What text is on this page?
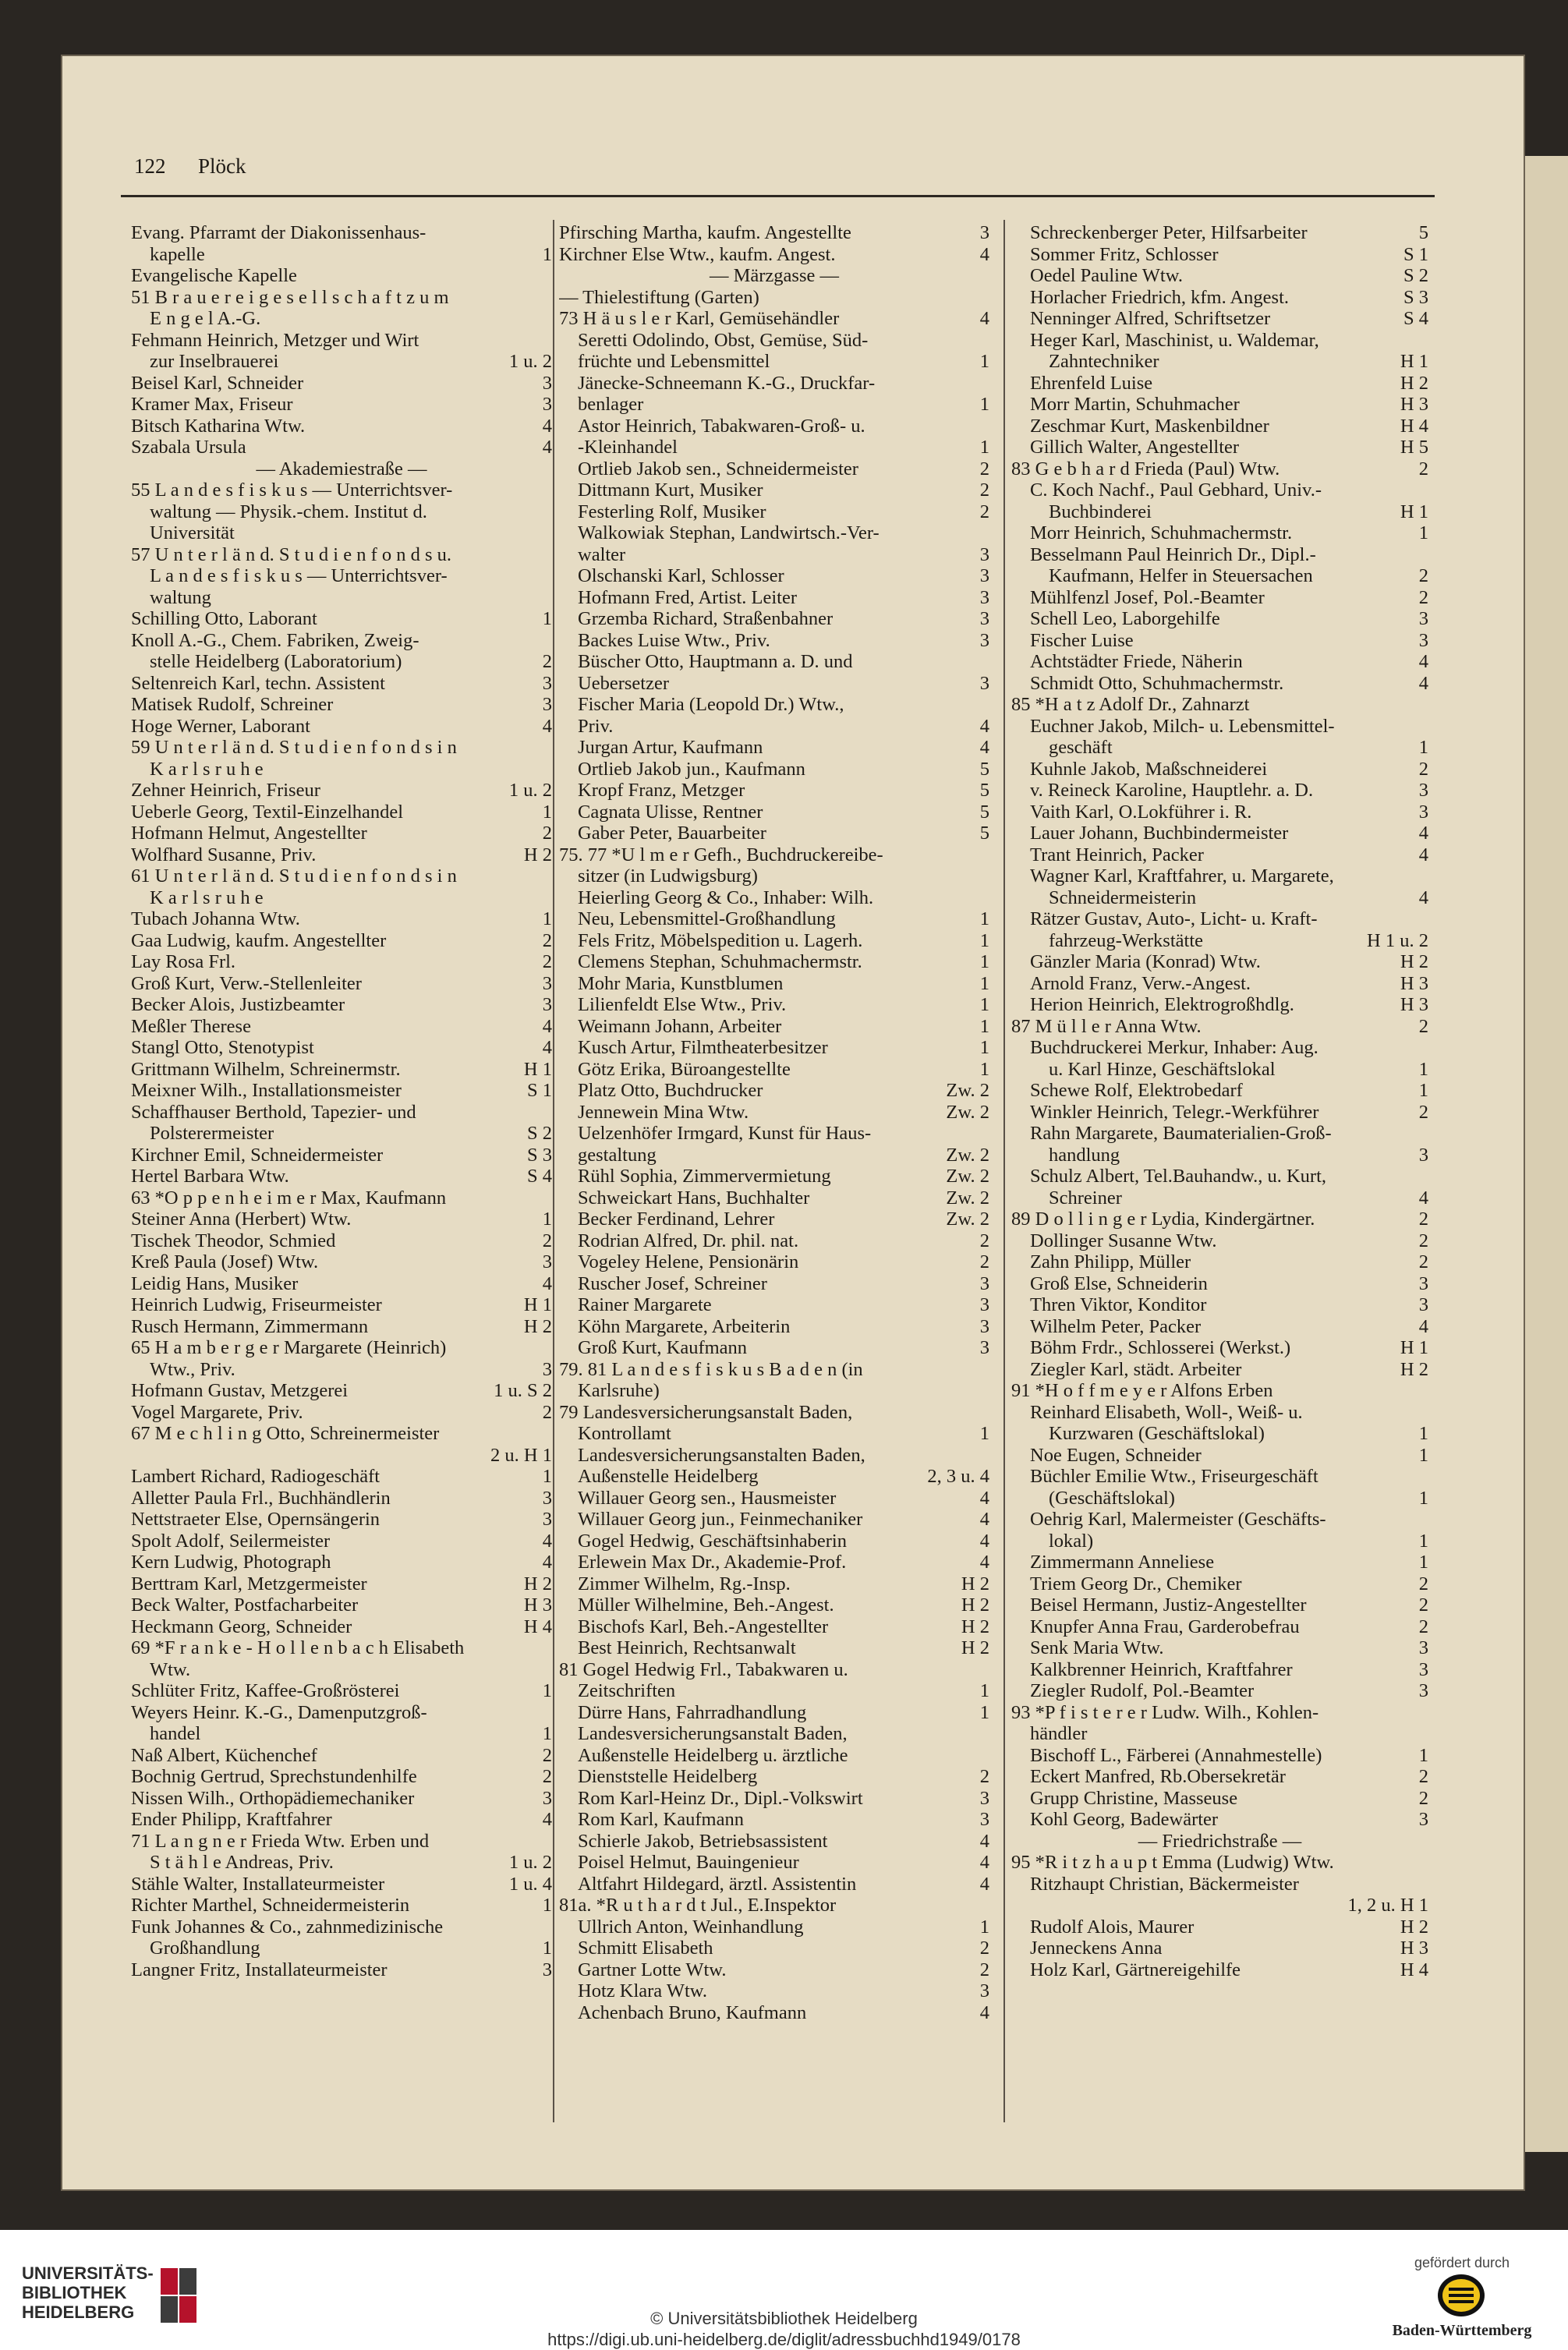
122 Plöck
Evang. Pfarramt der Diakonissenhaus-
kapelle	1
Evangelische Kapelle
51 B r a u e r e i g e s e l l s c h a f t z u m
E n g e l A.-G.
Fehmann Heinrich, Metzger und Wirt
zur Inselbrauerei	1 u. 2
Beisel Karl, Schneider	3
Kramer Max, Friseur	3
Bitsch Katharina Wtw.	4
Szabala Ursula	4
— Akademiestraße —
55 L a n d e s f i s k u s — Unterrichtsver-
waltung — Physik.-chem. Institut d.
Universität
57 U n t e r l ä n d. S t u d i e n f o n d s u.
L a n d e s f i s k u s — Unterrichtsver-
waltung
Schilling Otto, Laborant	1
Knoll A.-G., Chem. Fabriken, Zweig-
stelle Heidelberg (Laboratorium)	2
Seltenreich Karl, techn. Assistent	3
Matisek Rudolf, Schreiner	3
Hoge Werner, Laborant	4
59 U n t e r l ä n d. S t u d i e n f o n d s i n
K a r l s r u h e
Zehner Heinrich, Friseur	1 u. 2
Ueberle Georg, Textil-Einzelhandel	1
Hofmann Helmut, Angestellter	2
Wolfhard Susanne, Priv.	H 2
61 U n t e r l ä n d. S t u d i e n f o n d s i n
K a r l s r u h e
Tubach Johanna Wtw.	1
Gaa Ludwig, kaufm. Angestellter	2
Lay Rosa Frl.	2
Groß Kurt, Verw.-Stellenleiter	3
Becker Alois, Justizbeamter	3
Meßler Therese	4
Stangl Otto, Stenotypist	4
Grittmann Wilhelm, Schreinermstr.	H 1
Meixner Wilh., Installationsmeister	S 1
Schaffhauser Berthold, Tapezier- und
Polsterermeister	S 2
Kirchner Emil, Schneidermeister	S 3
Hertel Barbara Wtw.	S 4
63 *O p p e n h e i m e r Max, Kaufmann
Steiner Anna (Herbert) Wtw.	1
Tischek Theodor, Schmied	2
Kreß Paula (Josef) Wtw.	3
Leidig Hans, Musiker	4
Heinrich Ludwig, Friseurmeister	H 1
Rusch Hermann, Zimmermann	H 2
65 H a m b e r g e r Margarete (Heinrich)
Wtw., Priv.	3
Hofmann Gustav, Metzgerei	1 u. S 2
Vogel Margarete, Priv.	2
67 M e c h l i n g Otto, Schreinermeister
2 u. H 1
Lambert Richard, Radiogeschäft	1
Alletter Paula Frl., Buchhändlerin	3
Nettstraeter Else, Opernsängerin	3
Spolt Adolf, Seilermeister	4
Kern Ludwig, Photograph	4
Berttram Karl, Metzgermeister	H 2
Beck Walter, Postfacharbeiter	H 3
Heckmann Georg, Schneider	H 4
69 *F r a n k e - H o l l e n b a c h Elisabeth
Wtw.
Schlüter Fritz, Kaffee-Großrösterei	1
Weyers Heinr. K.-G., Damenputzgroß-
handel	1
Naß Albert, Küchenchef	2
Bochnig Gertrud, Sprechstundenhilfe	2
Nissen Wilh., Orthopädiemechaniker	3
Ender Philipp, Kraftfahrer	4
71 L a n g n e r Frieda Wtw. Erben und
S t ä h l e Andreas, Priv.	1 u. 2
Stähle Walter, Installateurmeister	1 u. 4
Richter Marthel, Schneidermeisterin	1
Funk Johannes & Co., zahnmedizinische
Großhandlung	1
Langner Fritz, Installateurmeister	3
Pfirsching Martha, kaufm. Angestellte	3
Kirchner Else Wtw., kaufm. Angest.	4
— Märzgasse —
— Thielestiftung (Garten)
73 H ä u s l e r Karl, Gemüsehändler	4
Seretti Odolindo, Obst, Gemüse, Süd-
früchte und Lebensmittel	1
Jänecke-Schneemann K.-G., Druckfar-
benlager	1
Astor Heinrich, Tabakwaren-Groß- u.
-Kleinhandel	1
Ortlieb Jakob sen., Schneidermeister	2
Dittmann Kurt, Musiker	2
Festerling Rolf, Musiker	2
Walkowiak Stephan, Landwirtsch.-Ver-
walter	3
Olschanski Karl, Schlosser	3
Hofmann Fred, Artist. Leiter	3
Grzemba Richard, Straßenbahner	3
Backes Luise Wtw., Priv.	3
Büscher Otto, Hauptmann a. D. und
Uebersetzer	3
Fischer Maria (Leopold Dr.) Wtw.,
Priv.	4
Jurgan Artur, Kaufmann	4
Ortlieb Jakob jun., Kaufmann	5
Kropf Franz, Metzger	5
Cagnata Ulisse, Rentner	5
Gaber Peter, Bauarbeiter	5
75. 77 *U l m e r Gefh., Buchdruckereibe-
sitzer (in Ludwigsburg)
Heierling Georg & Co., Inhaber: Wilh.
Neu, Lebensmittel-Großhandlung	1
Fels Fritz, Möbelspedition u. Lagerh.	1
Clemens Stephan, Schuhmachermstr.	1
Mohr Maria, Kunstblumen	1
Lilienfeldt Else Wtw., Priv.	1
Weimann Johann, Arbeiter	1
Kusch Artur, Filmtheaterbesitzer	1
Götz Erika, Büroangestellte	1
Platz Otto, Buchdrucker	Zw. 2
Jennewein Mina Wtw.	Zw. 2
Uelzenhöfer Irmgard, Kunst für Haus-
gestaltung	Zw. 2
Rühl Sophia, Zimmervermietung	Zw. 2
Schweickart Hans, Buchhalter	Zw. 2
Becker Ferdinand, Lehrer	Zw. 2
Rodrian Alfred, Dr. phil. nat.	2
Vogeley Helene, Pensionärin	2
Ruscher Josef, Schreiner	3
Rainer Margarete	3
Köhn Margarete, Arbeiterin	3
Groß Kurt, Kaufmann	3
79. 81 L a n d e s f i s k u s B a d e n (in
Karlsruhe)
79 Landesversicherungsanstalt Baden,
Kontrollamt	1
Landesversicherungsanstalten Baden,
Außenstelle Heidelberg	2, 3 u. 4
Willauer Georg sen., Hausmeister	4
Willauer Georg jun., Feinmechaniker	4
Gogel Hedwig, Geschäftsinhaberin	4
Erlewein Max Dr., Akademie-Prof.	4
Zimmer Wilhelm, Rg.-Insp.	H 2
Müller Wilhelmine, Beh.-Angest.	H 2
Bischofs Karl, Beh.-Angestellter	H 2
Best Heinrich, Rechtsanwalt	H 2
81 Gogel Hedwig Frl., Tabakwaren u.
Zeitschriften	1
Dürre Hans, Fahrradhandlung	1
Landesversicherungsanstalt Baden,
Außenstelle Heidelberg u. ärztliche
Dienststelle Heidelberg	2
Rom Karl-Heinz Dr., Dipl.-Volkswirt	3
Rom Karl, Kaufmann	3
Schierle Jakob, Betriebsassistent	4
Poisel Helmut, Bauingenieur	4
Altfahrt Hildegard, ärztl. Assistentin	4
81a. *R u t h a r d t Jul., E.Inspektor
Ullrich Anton, Weinhandlung	1
Schmitt Elisabeth	2
Gartner Lotte Wtw.	2
Hotz Klara Wtw.	3
Achenbach Bruno, Kaufmann	4
Schreckenberger Peter, Hilfsarbeiter	5
Sommer Fritz, Schlosser	S 1
Oedel Pauline Wtw.	S 2
Horlacher Friedrich, kfm. Angest.	S 3
Nenninger Alfred, Schriftsetzer	S 4
Heger Karl, Maschinist, u. Waldemar,
Zahntechniker	H 1
Ehrenfeld Luise	H 2
Morr Martin, Schuhmacher	H 3
Zeschmar Kurt, Maskenbildner	H 4
Gillich Walter, Angestellter	H 5
83 G e b h a r d Frieda (Paul) Wtw.	2
C. Koch Nachf., Paul Gebhard, Univ.-
Buchbinderei	H 1
Morr Heinrich, Schuhmachermstr.	1
Besselmann Paul Heinrich Dr., Dipl.-
Kaufmann, Helfer in Steuersachen	2
Mühlfenzl Josef, Pol.-Beamter	2
Schell Leo, Laborgehilfe	3
Fischer Luise	3
Achtstädter Friede, Näherin	4
Schmidt Otto, Schuhmachermstr.	4
85 *H a t z Adolf Dr., Zahnarzt
Euchner Jakob, Milch- u. Lebensmittel-
geschäft	1
Kuhnle Jakob, Maßschneiderei	2
v. Reineck Karoline, Hauptlehr. a. D.	3
Vaith Karl, O.Lokführer i. R.	3
Lauer Johann, Buchbindermeister	4
Trant Heinrich, Packer	4
Wagner Karl, Kraftfahrer, u. Margarete,
Schneidermeisterin	4
Rätzer Gustav, Auto-, Licht- u. Kraft-
fahrzeug-Werkstätte	H 1 u. 2
Gänzler Maria (Konrad) Wtw.	H 2
Arnold Franz, Verw.-Angest.	H 3
Herion Heinrich, Elektrogroßhdlg.	H 3
87 M ü l l e r Anna Wtw.	2
Buchdruckerei Merkur, Inhaber: Aug.
u. Karl Hinze, Geschäftslokal	1
Schewe Rolf, Elektrobedarf	1
Winkler Heinrich, Telegr.-Werkführer	2
Rahn Margarete, Baumaterialien-Groß-
handlung	3
Schulz Albert, Tel.Bauhandw., u. Kurt,
Schreiner	4
89 D o l l i n g e r Lydia, Kindergärtner.	2
Dollinger Susanne Wtw.	2
Zahn Philipp, Müller	2
Groß Else, Schneiderin	3
Thren Viktor, Konditor	3
Wilhelm Peter, Packer	4
Böhm Frdr., Schlosserei (Werkst.)	H 1
Ziegler Karl, städt. Arbeiter	H 2
91 *H o f f m e y e r Alfons Erben
Reinhard Elisabeth, Woll-, Weiß- u.
Kurzwaren (Geschäftslokal)	1
Noe Eugen, Schneider	1
Büchler Emilie Wtw., Friseurgeschäft
(Geschäftslokal)	1
Oehrig Karl, Malermeister (Geschäfts-
lokal)	1
Zimmermann Anneliese	1
Triem Georg Dr., Chemiker	2
Beisel Hermann, Justiz-Angestellter	2
Knupfer Anna Frau, Garderobefrau	2
Senk Maria Wtw.	3
Kalkbrenner Heinrich, Kraftfahrer	3
Ziegler Rudolf, Pol.-Beamter	3
93 *P f i s t e r e r Ludw. Wilh., Kohlen-
händler
Bischoff L., Färberei (Annahmestelle)	1
Eckert Manfred, Rb.Obersekretär	2
Grupp Christine, Masseuse	2
Kohl Georg, Badewärter	3
— Friedrichstraße —
95 *R i t z h a u p t Emma (Ludwig) Wtw.
Ritzhaupt Christian, Bäckermeister
1, 2 u. H 1
Rudolf Alois, Maurer	H 2
Jenneckens Anna	H 3
Holz Karl, Gärtnereigehilfe	H 4
UNIVERSITÄTS-
BIBLIOTHEK
HEIDELBERG	© Universitätsbibliothek Heidelberg
https://digi.ub.uni-heidelberg.de/diglit/adressbuchhd1949/0178
gefördert durch
Baden-Württemberg
